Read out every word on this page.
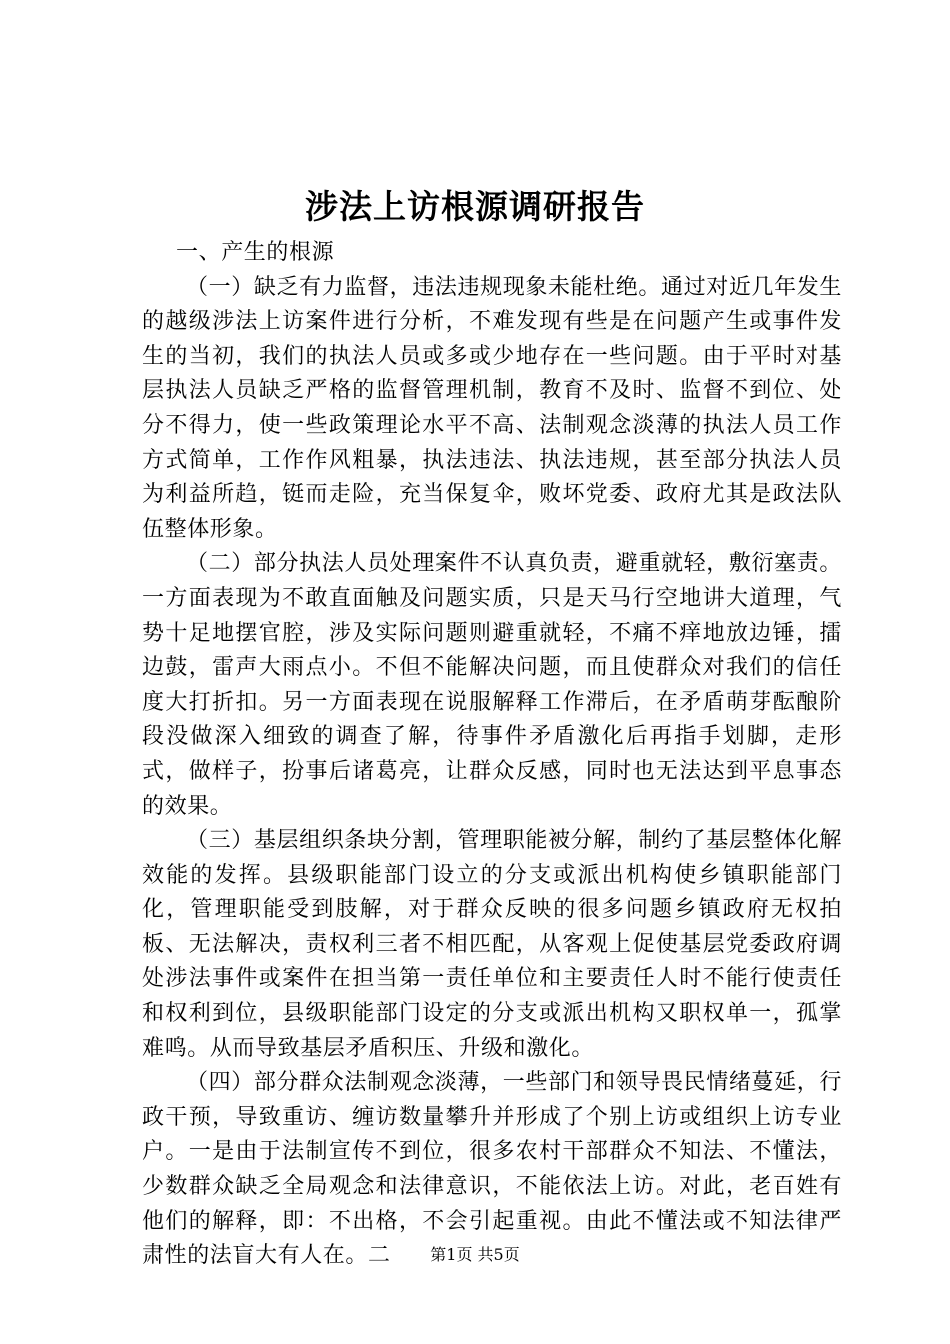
涉法上访根源调研报告

一、产生的根源

（一）缺乏有力监督，违法违规现象未能杜绝。通过对近几年发生的越级涉法上访案件进行分析，不难发现有些是在问题产生或事件发生的当初，我们的执法人员或多或少地存在一些问题。由于平时对基层执法人员缺乏严格的监督管理机制，教育不及时、监督不到位、处分不得力，使一些政策理论水平不高、法制观念淡薄的执法人员工作方式简单，工作作风粗暴，执法违法、执法违规，甚至部分执法人员为利益所趋，铤而走险，充当保复伞，败坏党委、政府尤其是政法队伍整体形象。

（二）部分执法人员处理案件不认真负责，避重就轻，敷衍塞责。一方面表现为不敢直面触及问题实质，只是天马行空地讲大道理，气势十足地摆官腔，涉及实际问题则避重就轻，不痛不痒地放边锤，擂边鼓，雷声大雨点小。不但不能解决问题，而且使群众对我们的信任度大打折扣。另一方面表现在说服解释工作滞后，在矛盾萌芽酝酿阶段没做深入细致的调查了解，待事件矛盾激化后再指手划脚，走形式，做样子，扮事后诸葛亮，让群众反感，同时也无法达到平息事态的效果。

（三）基层组织条块分割，管理职能被分解，制约了基层整体化解效能的发挥。县级职能部门设立的分支或派出机构使乡镇职能部门化，管理职能受到肢解，对于群众反映的很多问题乡镇政府无权拍板、无法解决，责权利三者不相匹配，从客观上促使基层党委政府调处涉法事件或案件在担当第一责任单位和主要责任人时不能行使责任和权利到位，县级职能部门设定的分支或派出机构又职权单一，孤掌难鸣。从而导致基层矛盾积压、升级和激化。

（四）部分群众法制观念淡薄，一些部门和领导畏民情绪蔓延，行政干预，导致重访、缠访数量攀升并形成了个别上访或组织上访专业户。一是由于法制宣传不到位，很多农村干部群众不知法、不懂法，少数群众缺乏全局观念和法律意识，不能依法上访。对此，老百姓有他们的解释，即：不出格，不会引起重视。由此不懂法或不知法律严肃性的法盲大有人在。二	第1页 共5页
